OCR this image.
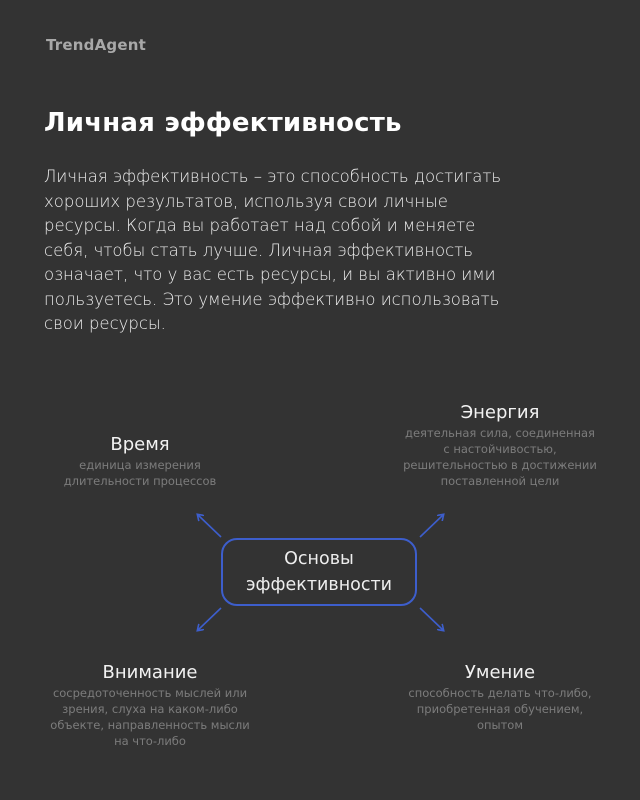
TrendAgent
Личная эффективность
Личная эффективность – это способность достигать
хороших результатов, используя свои личные
ресурсы. Когда вы работает над собой и меняете
себя, чтобы стать лучше. Личная эффективность
означает, что у вас есть ресурсы, и вы активно ими
пользуетесь. Это умение эффективно использовать
свои ресурсы.
Время
единица измерения
длительности процессов
Энергия
деятельная сила, соединенная
с настойчивостью,
решительностью в достижении
поставленной цели
Внимание
сосредоточенность мыслей или
зрения, слуха на каком-либо
объекте, направленность мысли
на что-либо
Умение
способность делать что-либо,
приобретенная обучением,
опытом
Основы
эффективности
